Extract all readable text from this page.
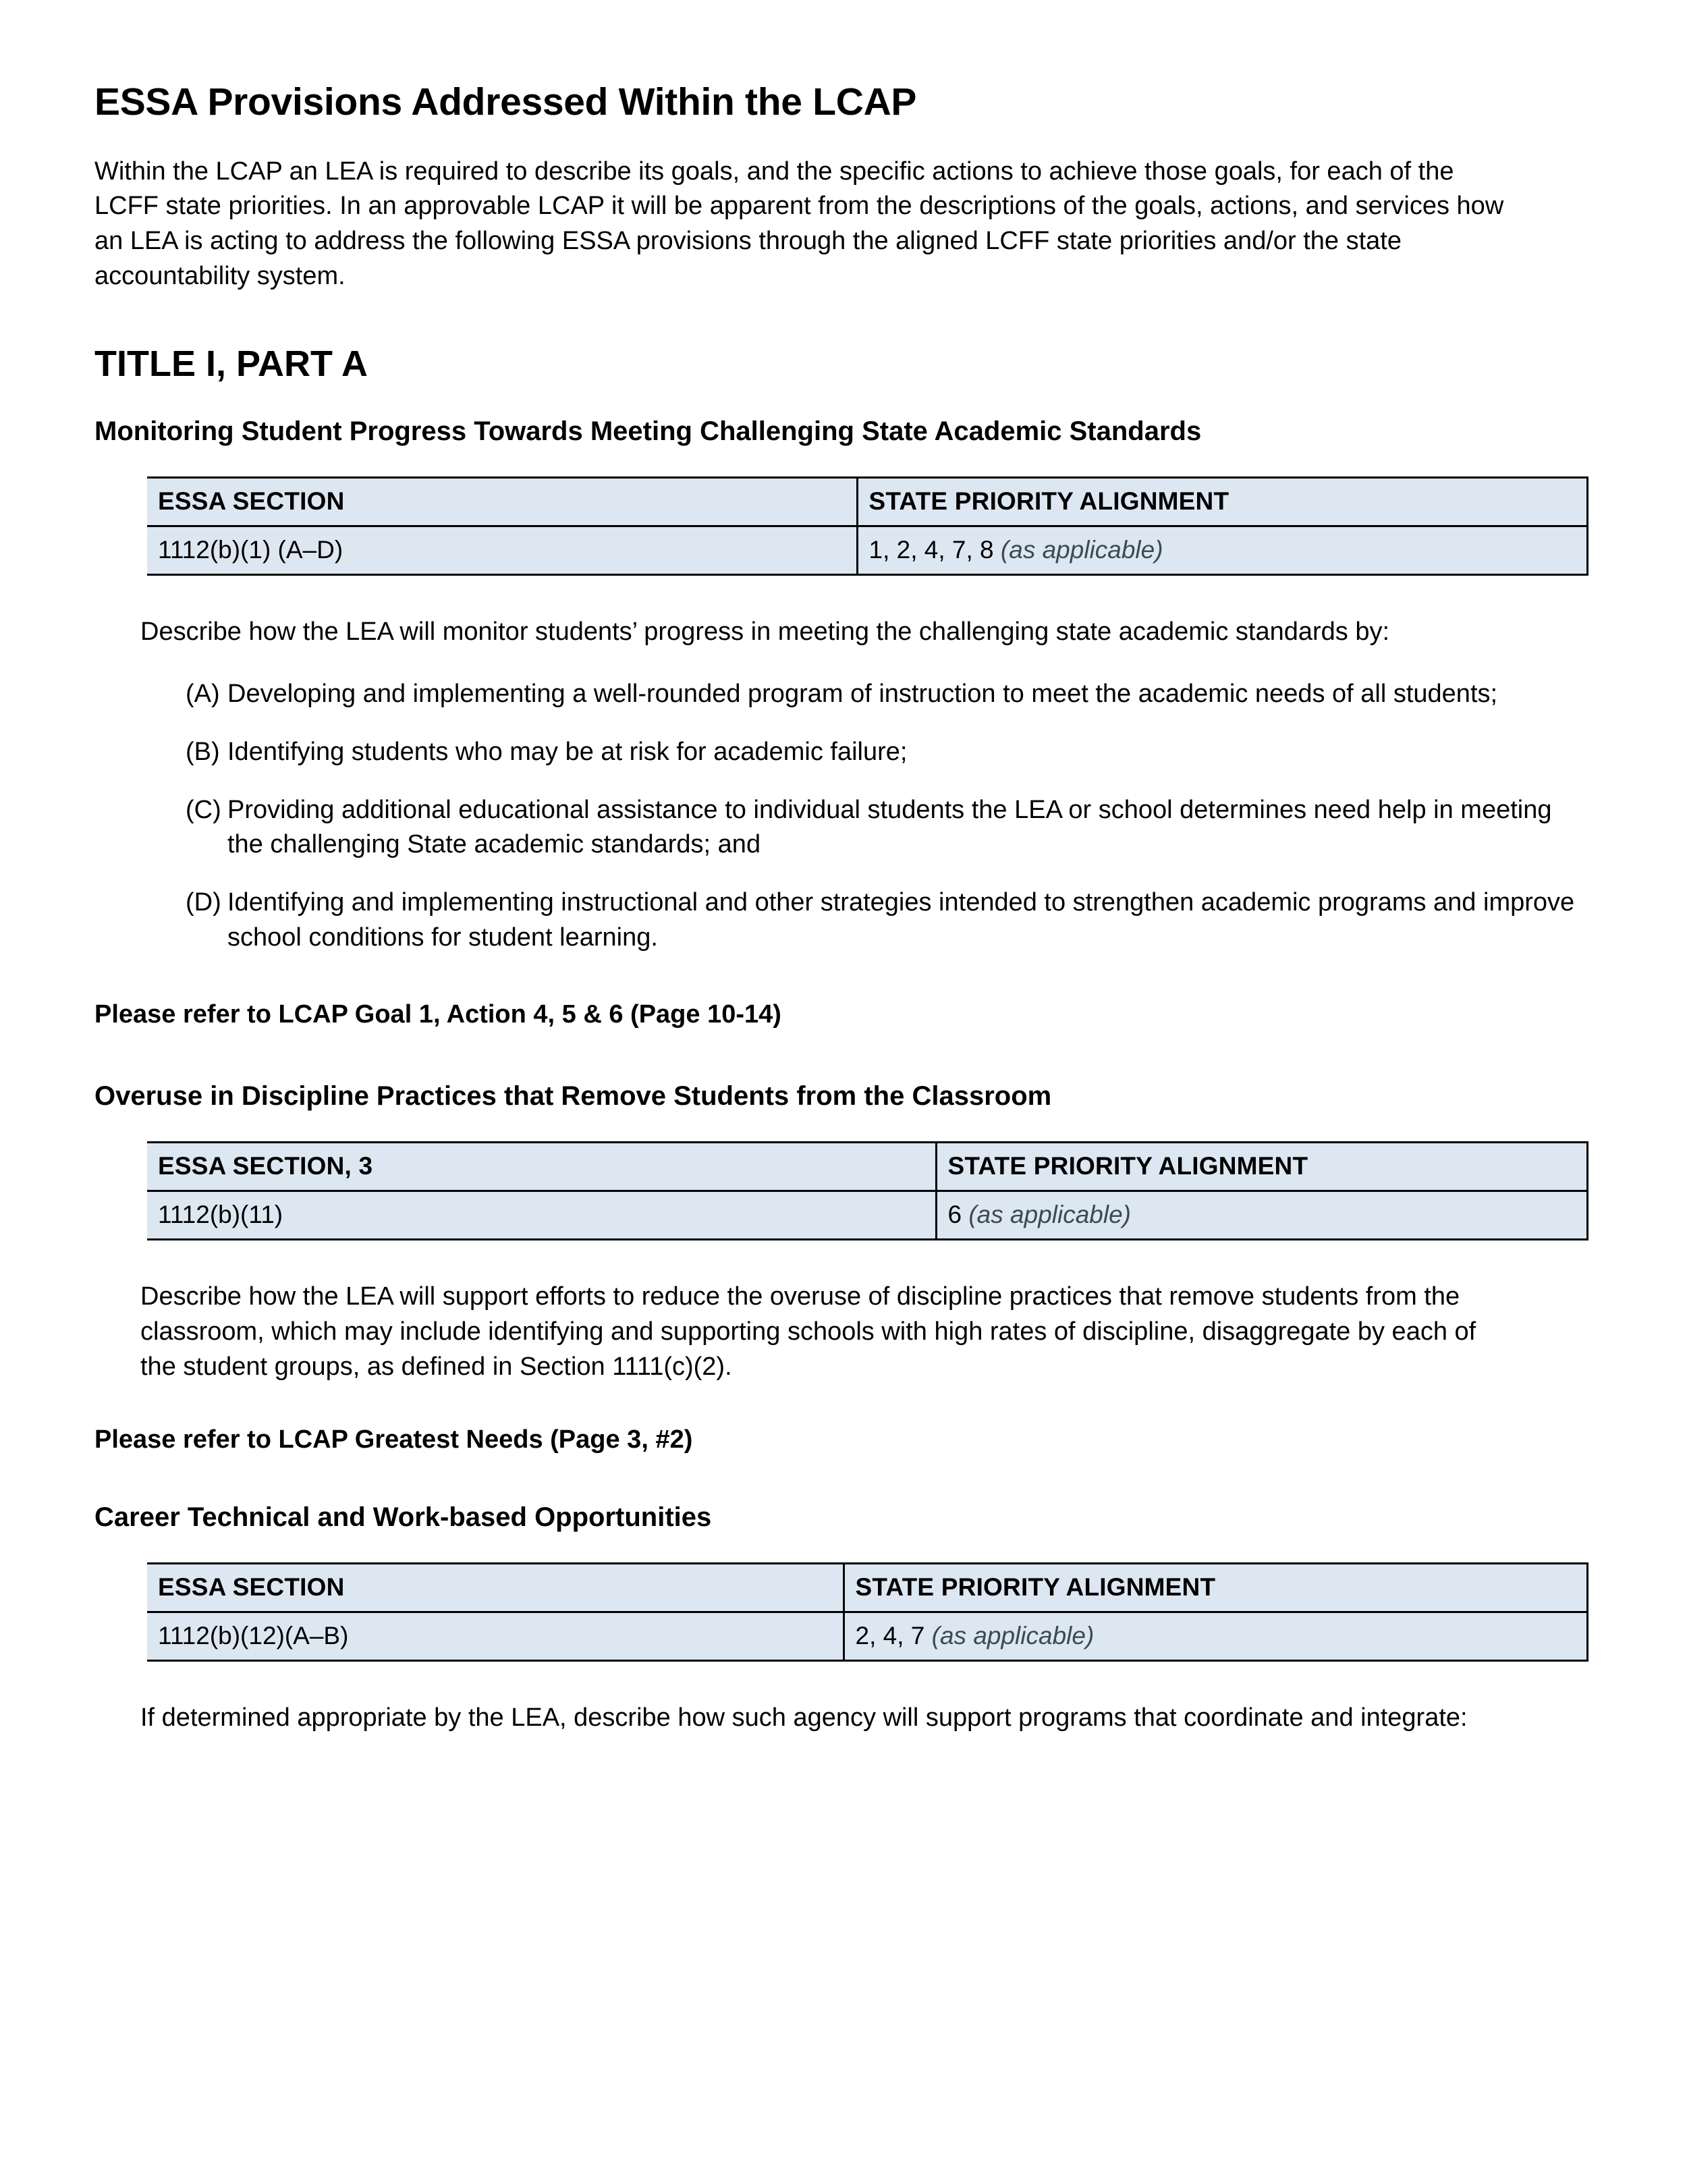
ESSA Provisions Addressed Within the LCAP

Within the LCAP an LEA is required to describe its goals, and the specific actions to achieve those goals, for each of the LCFF state priorities. In an approvable LCAP it will be apparent from the descriptions of the goals, actions, and services how an LEA is acting to address the following ESSA provisions through the aligned LCFF state priorities and/or the state accountability system.

TITLE I, PART A
Monitoring Student Progress Towards Meeting Challenging State Academic Standards
ESSA SECTION	STATE PRIORITY ALIGNMENT
1112(b)(1) (A–D)	1, 2, 4, 7, 8 (as applicable)

Describe how the LEA will monitor students’ progress in meeting the challenging state academic standards by:

(A) Developing and implementing a well-rounded program of instruction to meet the academic needs of all students;
(B) Identifying students who may be at risk for academic failure;
(C) Providing additional educational assistance to individual students the LEA or school determines need help in meeting the challenging State academic standards; and
(D) Identifying and implementing instructional and other strategies intended to strengthen academic programs and improve school conditions for student learning.

Please refer to LCAP Goal 1, Action 4, 5 & 6 (Page 10-14)

Overuse in Discipline Practices that Remove Students from the Classroom
ESSA SECTION, 3	STATE PRIORITY ALIGNMENT
1112(b)(11)	6 (as applicable)

Describe how the LEA will support efforts to reduce the overuse of discipline practices that remove students from the classroom, which may include identifying and supporting schools with high rates of discipline, disaggregate by each of the student groups, as defined in Section 1111(c)(2).

Please refer to LCAP Greatest Needs (Page 3, #2)

Career Technical and Work-based Opportunities
ESSA SECTION	STATE PRIORITY ALIGNMENT
1112(b)(12)(A–B)	2, 4, 7 (as applicable)

If determined appropriate by the LEA, describe how such agency will support programs that coordinate and integrate:
